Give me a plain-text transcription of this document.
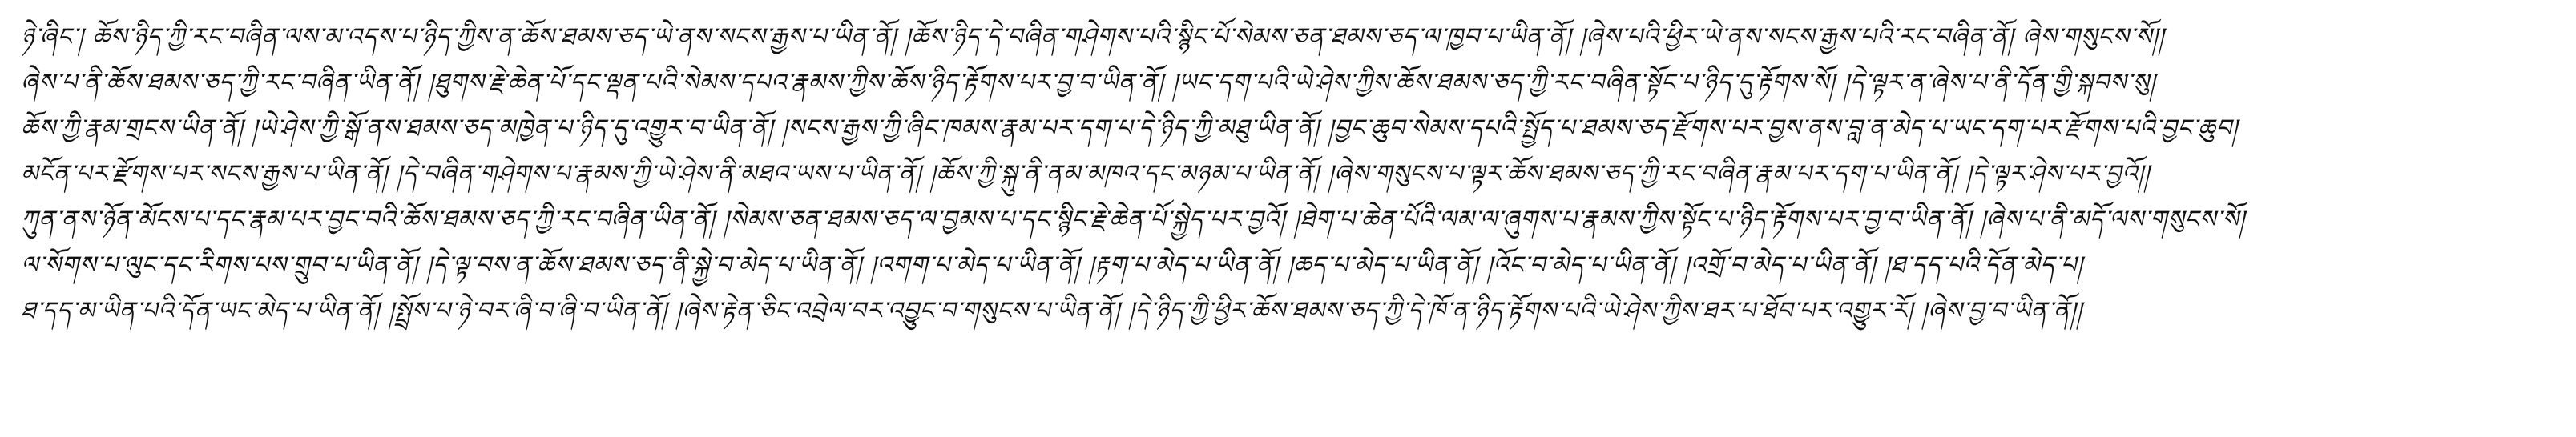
ཉེ་ཞིང་། ཆོས་ཉིད་ཀྱི་རང་བཞིན་ལས་མ་འདས་པ་ཉིད་ཀྱིས་ན་ཆོས་ཐམས་ཅད་ཡེ་ནས་སངས་རྒྱས་པ་ཡིན་ནོ། །ཆོས་ཉིད་དེ་བཞིན་གཤེགས་པའི་སྙིང་པོ་སེམས་ཅན་ཐམས་ཅད་ལ་ཁྱབ་པ་ཡིན་ནོ། །ཞེས་པའི་ཕྱིར་ཡེ་ནས་སངས་རྒྱས་པའི་རང་བཞིན་ནོ། ཞེས་གསུངས་སོ།།
ཞེས་པ་ནི་ཆོས་ཐམས་ཅད་ཀྱི་རང་བཞིན་ཡིན་ནོ། །ཐུགས་རྗེ་ཆེན་པོ་དང་ལྡན་པའི་སེམས་དཔའ་རྣམས་ཀྱིས་ཆོས་ཉིད་རྟོགས་པར་བྱ་བ་ཡིན་ནོ། །ཡང་དག་པའི་ཡེ་ཤེས་ཀྱིས་ཆོས་ཐམས་ཅད་ཀྱི་རང་བཞིན་སྟོང་པ་ཉིད་དུ་རྟོགས་སོ། །དེ་ལྟར་ན་ཞེས་པ་ནི་དོན་གྱི་སྐབས་སུ།
ཆོས་ཀྱི་རྣམ་གྲངས་ཡིན་ནོ། །ཡེ་ཤེས་ཀྱི་སྒོ་ནས་ཐམས་ཅད་མཁྱེན་པ་ཉིད་དུ་འགྱུར་བ་ཡིན་ནོ། །སངས་རྒྱས་ཀྱི་ཞིང་ཁམས་རྣམ་པར་དག་པ་དེ་ཉིད་ཀྱི་མཐུ་ཡིན་ནོ། །བྱང་ཆུབ་སེམས་དཔའི་སྤྱོད་པ་ཐམས་ཅད་རྫོགས་པར་བྱས་ནས་བླ་ན་མེད་པ་ཡང་དག་པར་རྫོགས་པའི་བྱང་ཆུབ།
མངོན་པར་རྫོགས་པར་སངས་རྒྱས་པ་ཡིན་ནོ། །དེ་བཞིན་གཤེགས་པ་རྣམས་ཀྱི་ཡེ་ཤེས་ནི་མཐའ་ཡས་པ་ཡིན་ནོ། །ཆོས་ཀྱི་སྐུ་ནི་ནམ་མཁའ་དང་མཉམ་པ་ཡིན་ནོ། །ཞེས་གསུངས་པ་ལྟར་ཆོས་ཐམས་ཅད་ཀྱི་རང་བཞིན་རྣམ་པར་དག་པ་ཡིན་ནོ། །དེ་ལྟར་ཤེས་པར་བྱའོ།།
ཀུན་ནས་ཉོན་མོངས་པ་དང་རྣམ་པར་བྱང་བའི་ཆོས་ཐམས་ཅད་ཀྱི་རང་བཞིན་ཡིན་ནོ། །སེམས་ཅན་ཐམས་ཅད་ལ་བྱམས་པ་དང་སྙིང་རྗེ་ཆེན་པོ་སྐྱེད་པར་བྱའོ། །ཐེག་པ་ཆེན་པོའི་ལམ་ལ་ཞུགས་པ་རྣམས་ཀྱིས་སྟོང་པ་ཉིད་རྟོགས་པར་བྱ་བ་ཡིན་ནོ། །ཞེས་པ་ནི་མདོ་ལས་གསུངས་སོ།
ལ་སོགས་པ་ལུང་དང་རིགས་པས་གྲུབ་པ་ཡིན་ནོ། །དེ་ལྟ་བས་ན་ཆོས་ཐམས་ཅད་ནི་སྐྱེ་བ་མེད་པ་ཡིན་ནོ། །འགག་པ་མེད་པ་ཡིན་ནོ། །རྟག་པ་མེད་པ་ཡིན་ནོ། །ཆད་པ་མེད་པ་ཡིན་ནོ། །འོང་བ་མེད་པ་ཡིན་ནོ། །འགྲོ་བ་མེད་པ་ཡིན་ནོ། །ཐ་དད་པའི་དོན་མེད་པ།
ཐ་དད་མ་ཡིན་པའི་དོན་ཡང་མེད་པ་ཡིན་ནོ། །སྤྲོས་པ་ཉེ་བར་ཞི་བ་ཞི་བ་ཡིན་ནོ། །ཞེས་རྟེན་ཅིང་འབྲེལ་བར་འབྱུང་བ་གསུངས་པ་ཡིན་ནོ། །དེ་ཉིད་ཀྱི་ཕྱིར་ཆོས་ཐམས་ཅད་ཀྱི་དེ་ཁོ་ན་ཉིད་རྟོགས་པའི་ཡེ་ཤེས་ཀྱིས་ཐར་པ་ཐོབ་པར་འགྱུར་རོ། །ཞེས་བྱ་བ་ཡིན་ནོ།།
